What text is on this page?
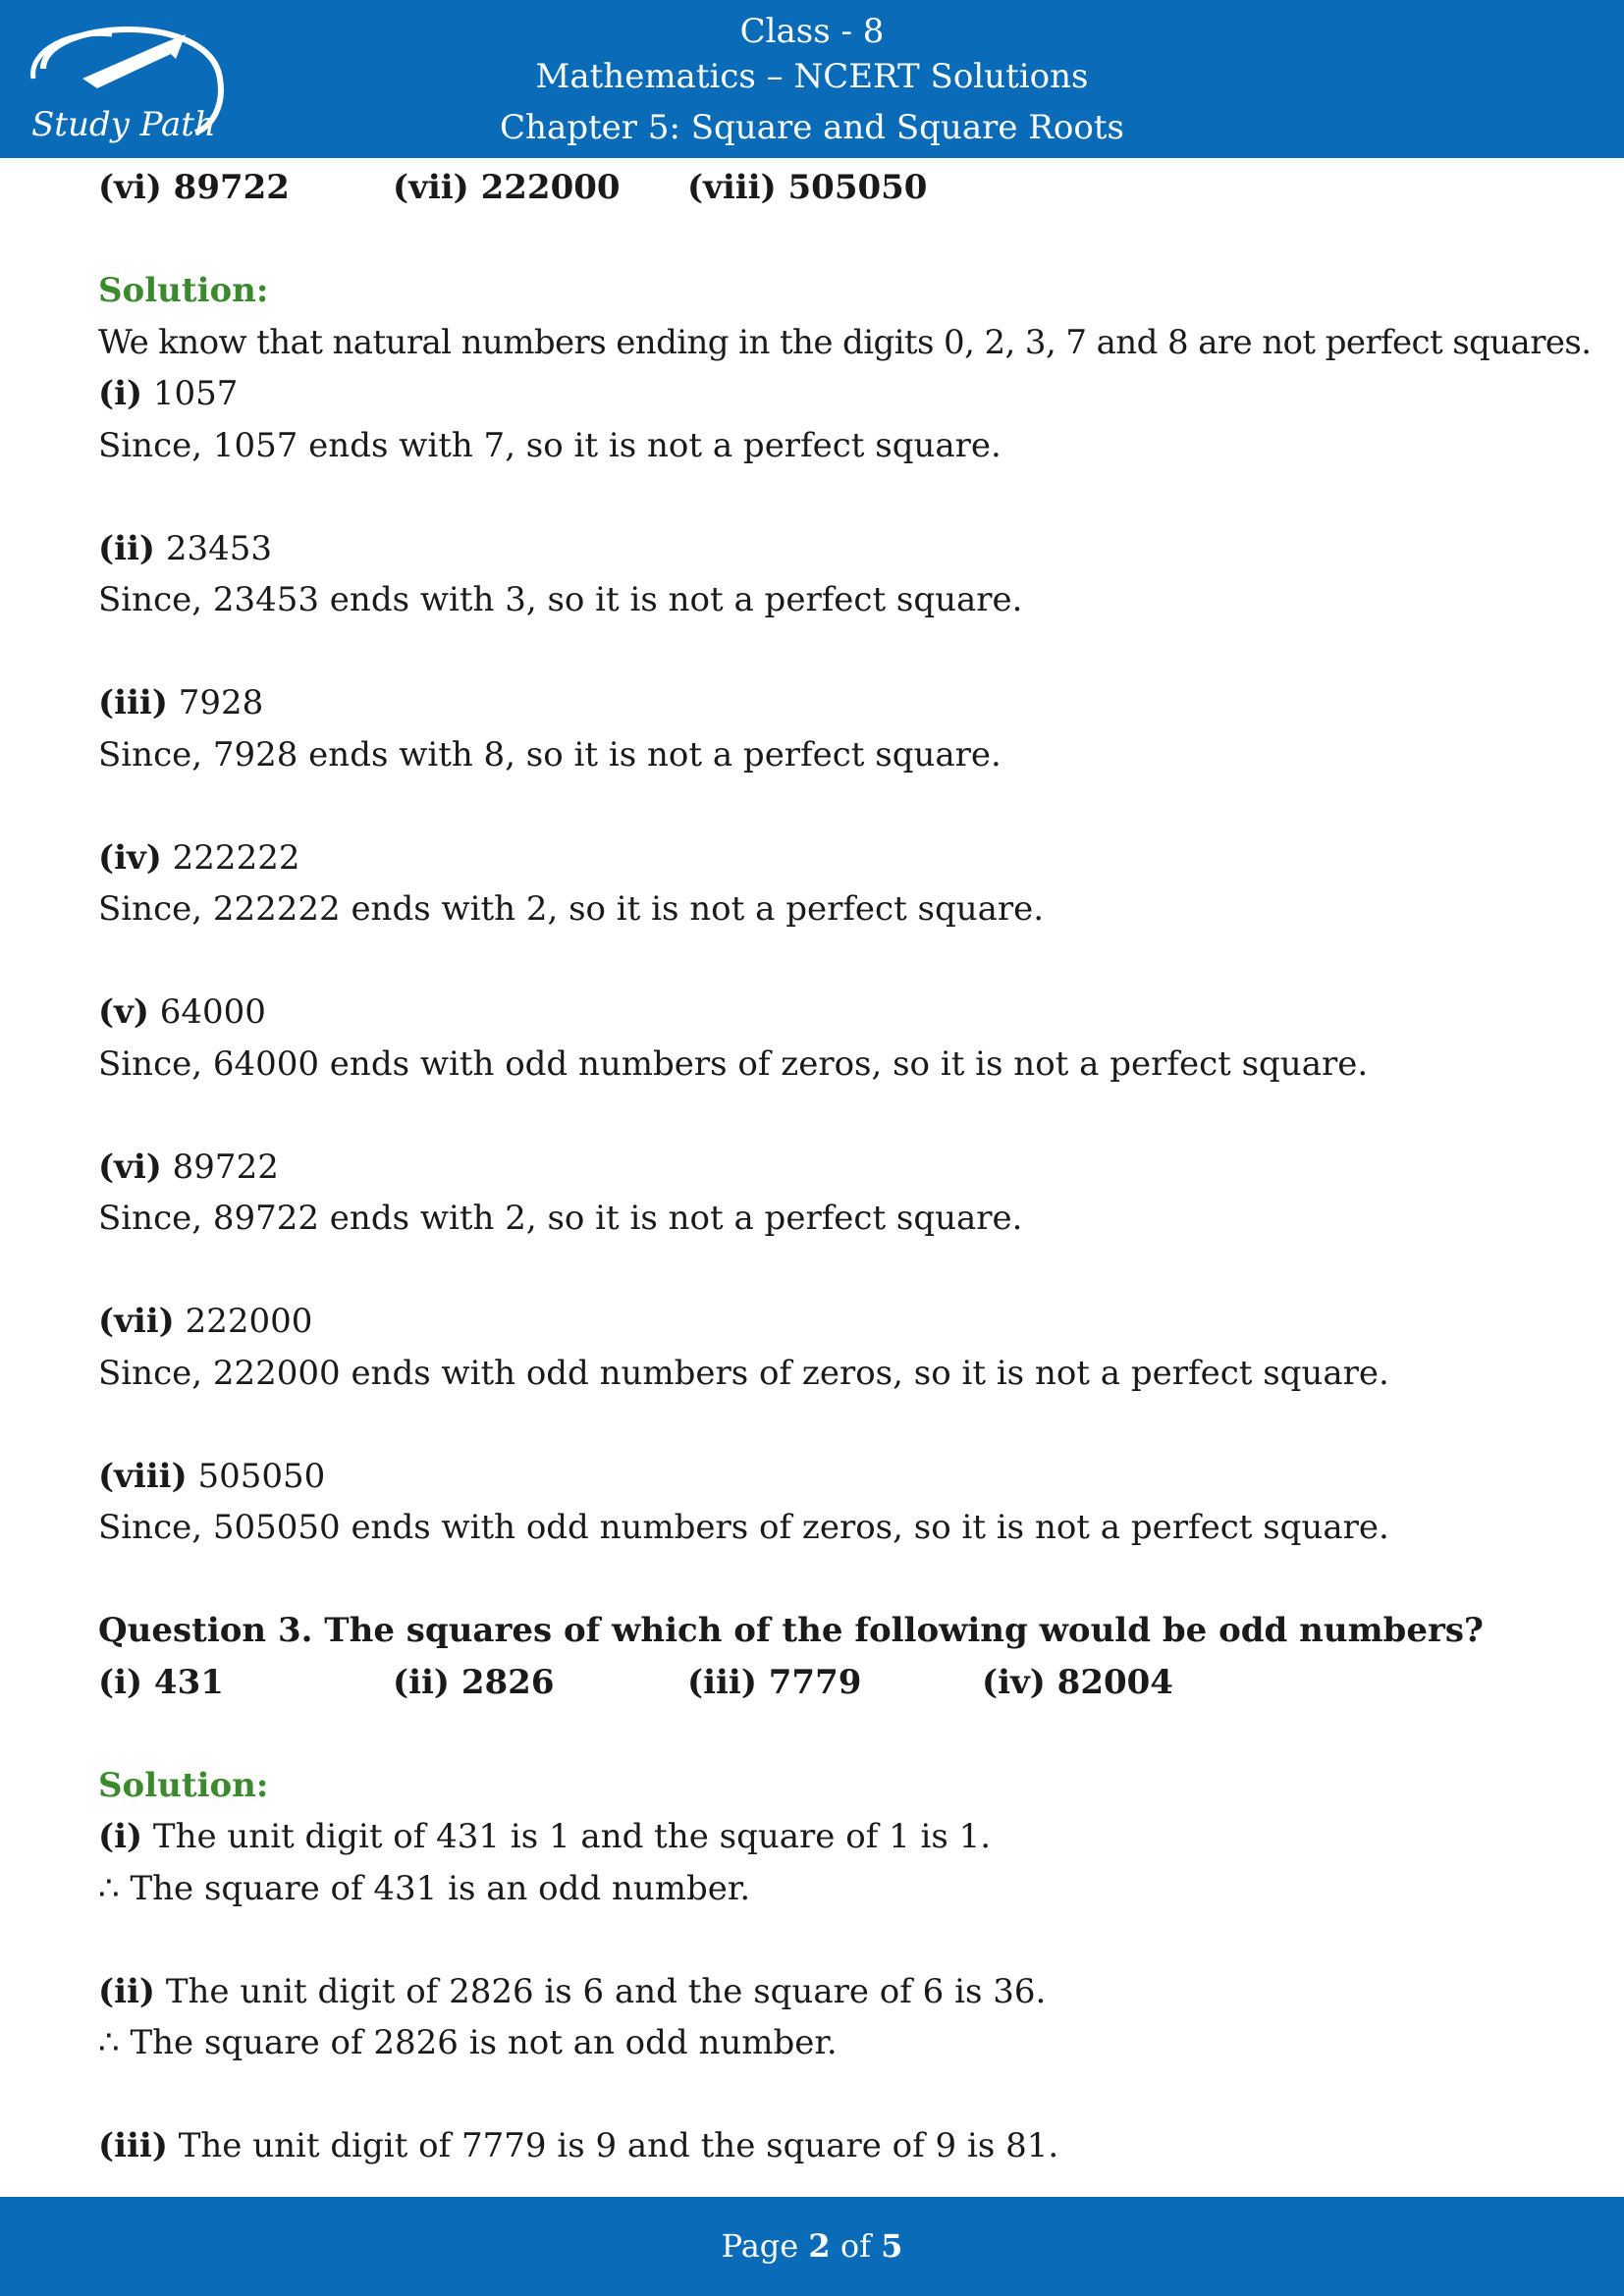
Study Path
Class - 8
Mathematics – NCERT Solutions
Chapter 5: Square and Square Roots
(vi) 89722	(vii) 222000 (viii) 505050
Solution:
We know that natural numbers ending in the digits 0, 2, 3, 7 and 8 are not perfect squares.
(i) 1057
Since, 1057 ends with 7, so it is not a perfect square.
(ii) 23453
Since, 23453 ends with 3, so it is not a perfect square.
(iii) 7928
Since, 7928 ends with 8, so it is not a perfect square.
(iv) 222222
Since, 222222 ends with 2, so it is not a perfect square.
(v) 64000
Since, 64000 ends with odd numbers of zeros, so it is not a perfect square.
(vi) 89722
Since, 89722 ends with 2, so it is not a perfect square.
(vii) 222000
Since, 222000 ends with odd numbers of zeros, so it is not a perfect square.
(viii) 505050
Since, 505050 ends with odd numbers of zeros, so it is not a perfect square.
Question 3. The squares of which of the following would be odd numbers?
(i) 431	(ii) 2826	(iii) 7779	(iv) 82004
Solution:
(i) The unit digit of 431 is 1 and the square of 1 is 1.
∴ The square of 431 is an odd number.
(ii) The unit digit of 2826 is 6 and the square of 6 is 36.
∴ The square of 2826 is not an odd number.
(iii) The unit digit of 7779 is 9 and the square of 9 is 81.
Page 2 of 5
